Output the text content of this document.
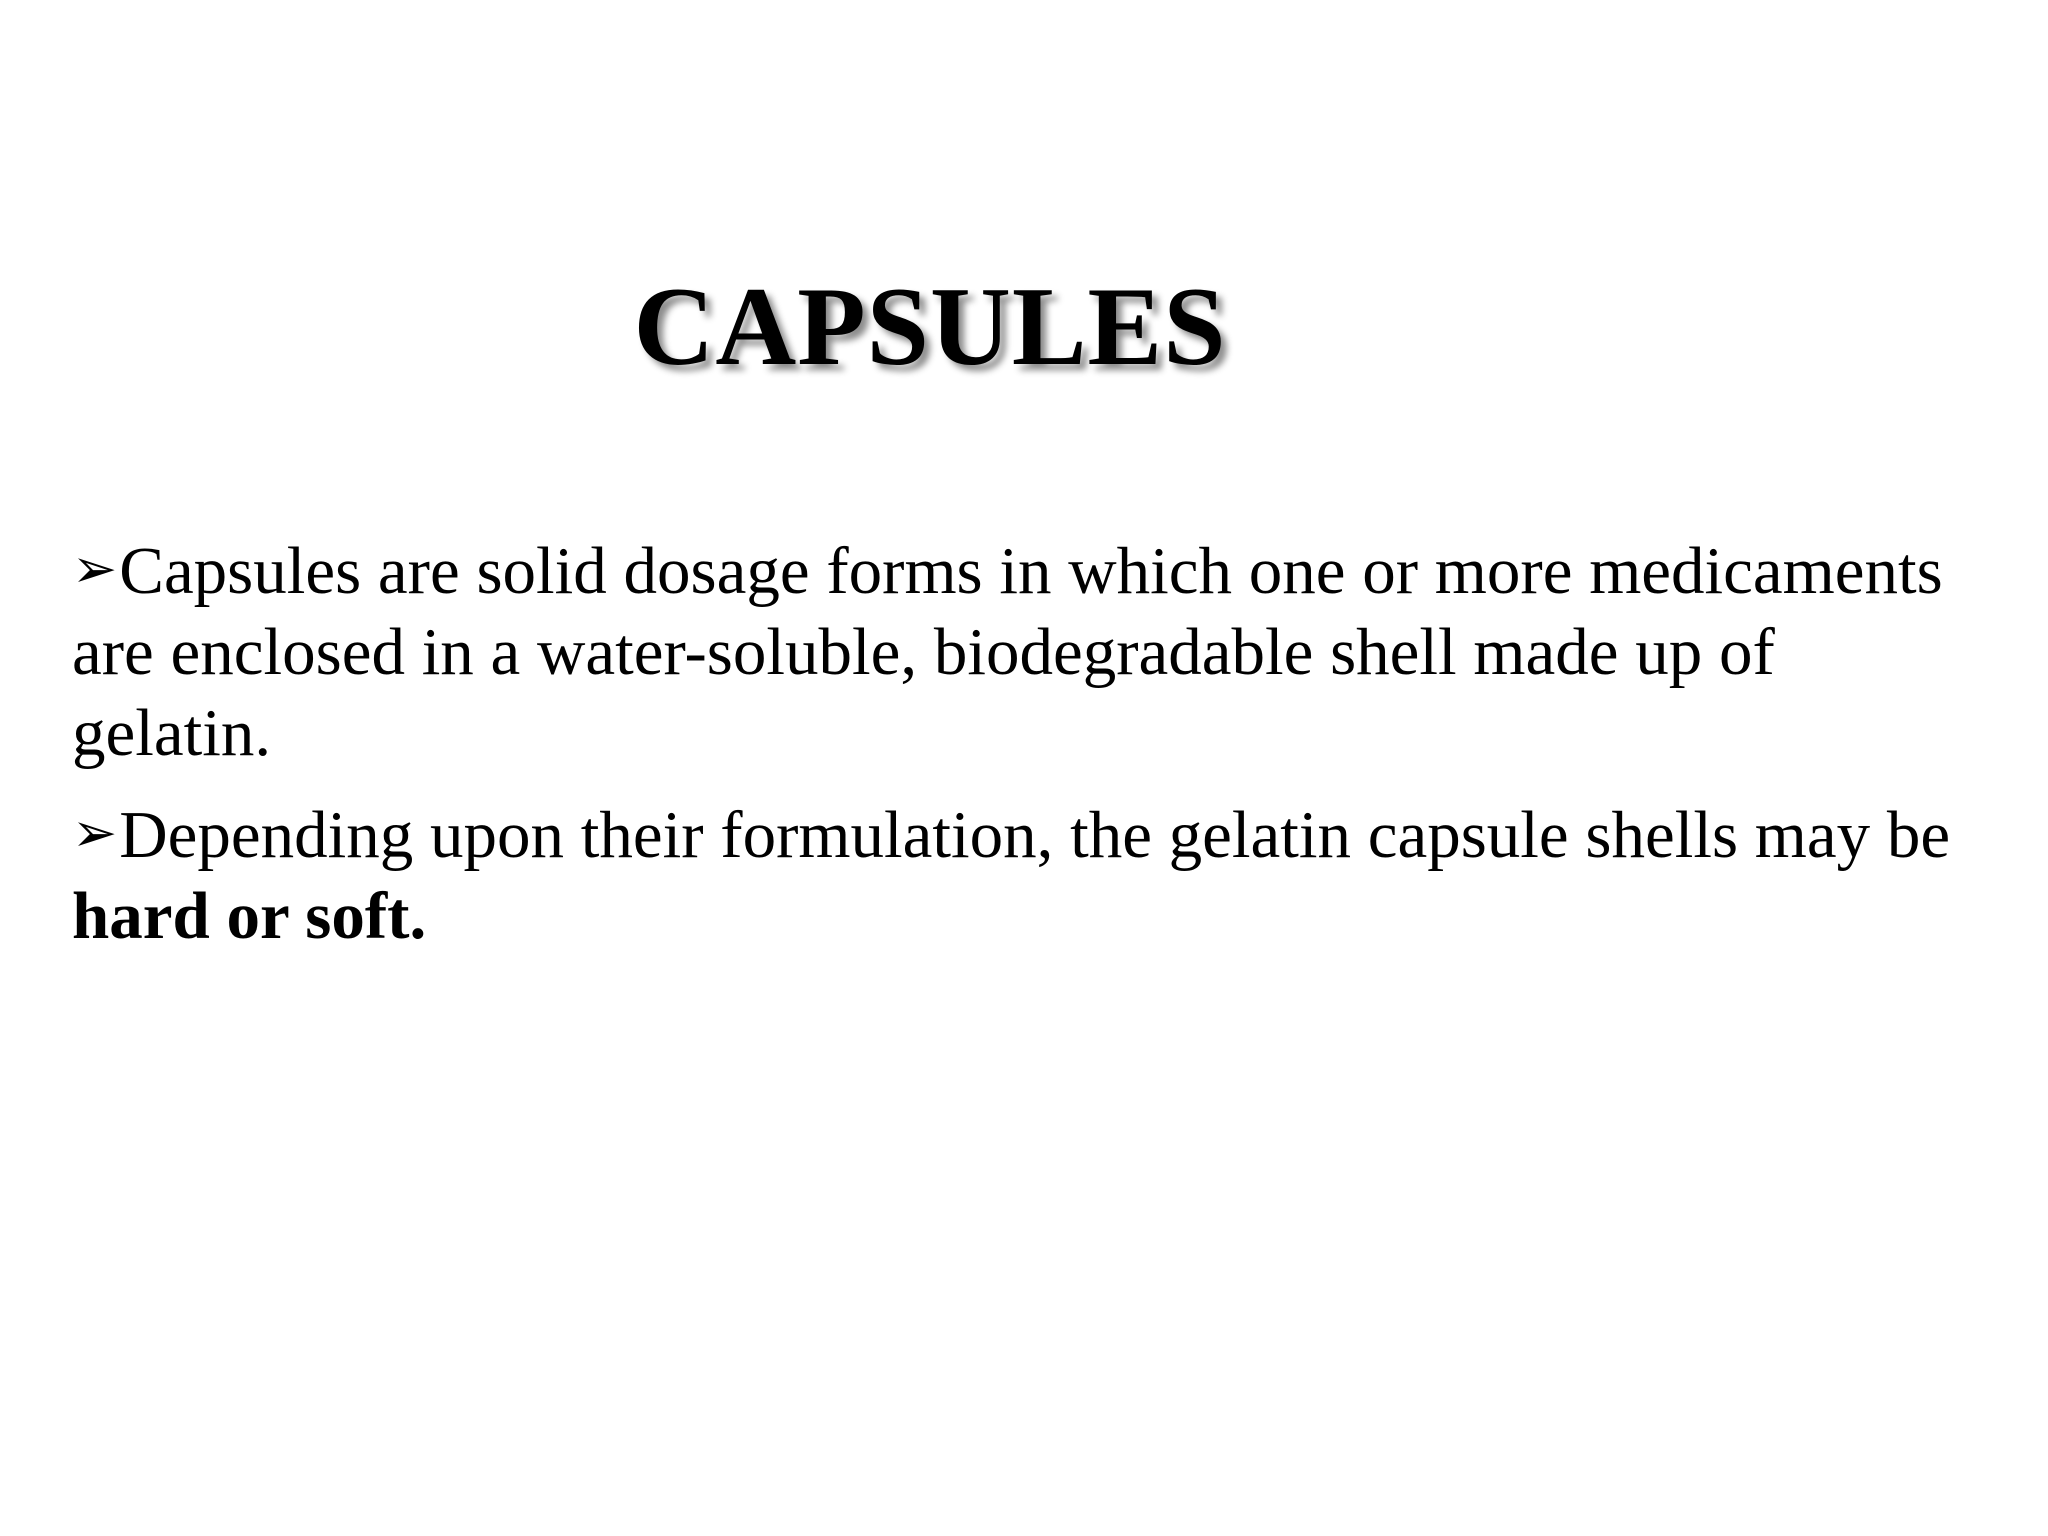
CAPSULES

➢Capsules are solid dosage forms in which one or more medicaments are enclosed in a water-soluble, biodegradable shell made up of gelatin.

➢Depending upon their formulation, the gelatin capsule shells may be hard or soft.
